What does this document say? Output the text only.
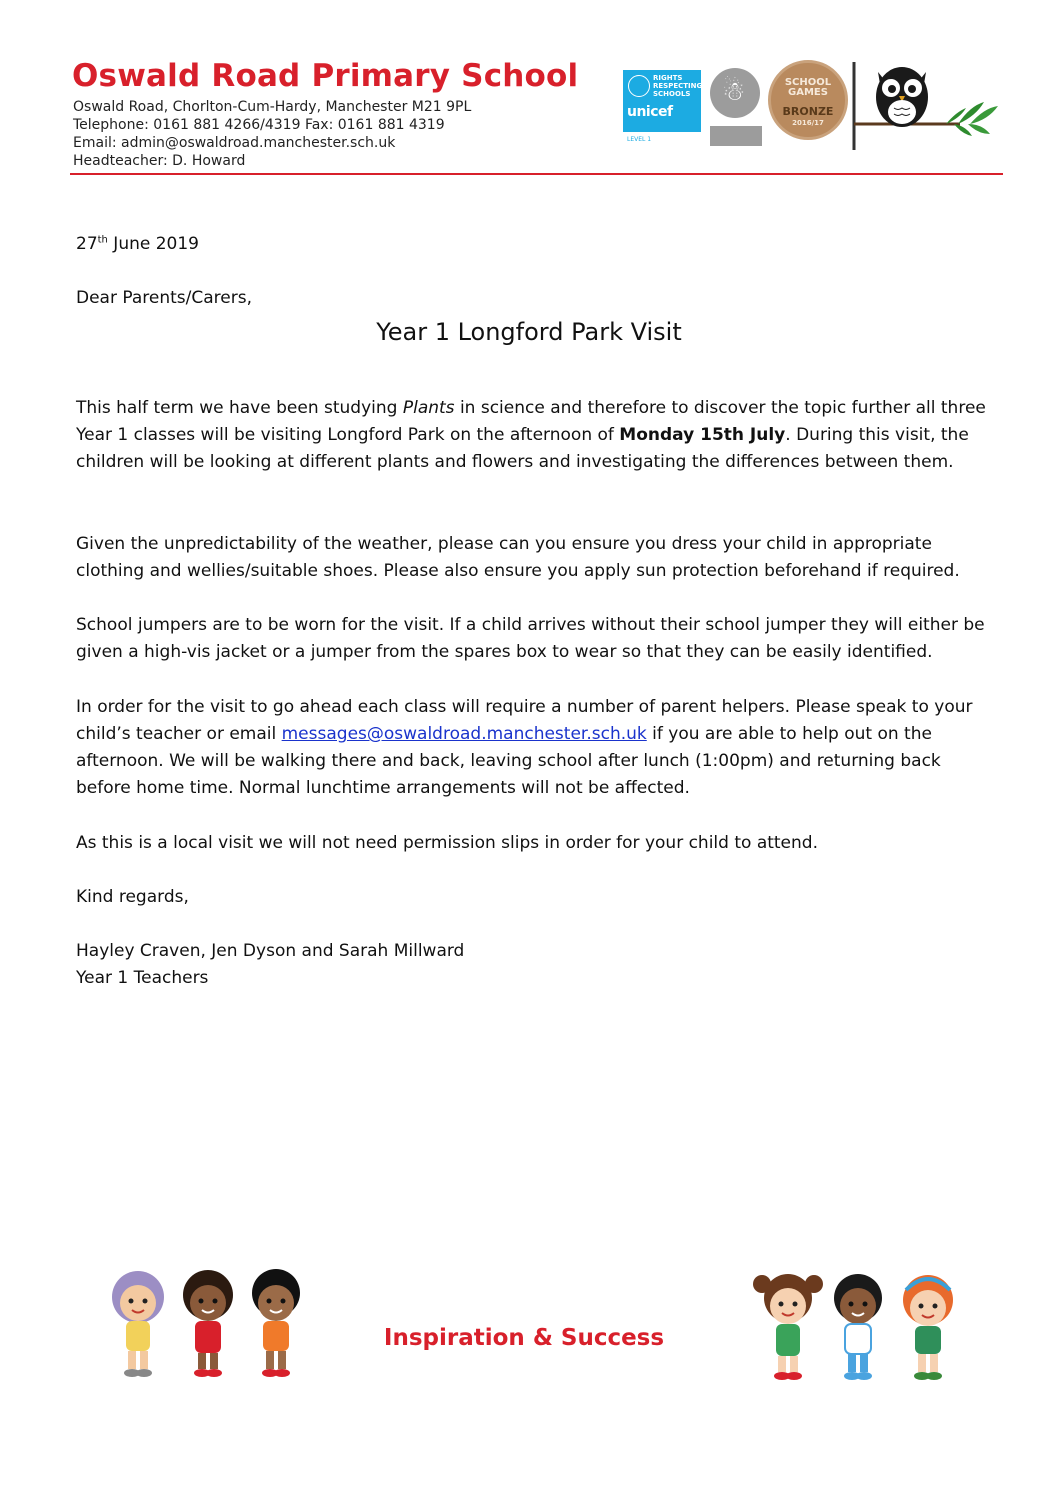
Oswald Road Primary School
Oswald Road, Chorlton-Cum-Hardy, Manchester M21 9PL
Telephone: 0161 881 4266/4319 Fax: 0161 881 4319
Email: admin@oswaldroad.manchester.sch.uk
Headteacher: D. Howard
RIGHTS RESPECTING SCHOOLS
unicef
LEVEL 1
☃	SCHOOL GAMES
BRONZE
2016/17
27th June 2019
Dear Parents/Carers,
Year 1 Longford Park Visit
This half term we have been studying Plants in science and therefore to discover the topic further all three Year 1 classes will be visiting Longford Park on the afternoon of Monday 15th July. During this visit, the children will be looking at different plants and flowers and investigating the differences between them.
Given the unpredictability of the weather, please can you ensure you dress your child in appropriate clothing and wellies/suitable shoes. Please also ensure you apply sun protection beforehand if required.
School jumpers are to be worn for the visit. If a child arrives without their school jumper they will either be given a high-vis jacket or a jumper from the spares box to wear so that they can be easily identified.
In order for the visit to go ahead each class will require a number of parent helpers. Please speak to your child’s teacher or email messages@oswaldroad.manchester.sch.uk if you are able to help out on the afternoon. We will be walking there and back, leaving school after lunch (1:00pm) and returning back before home time. Normal lunchtime arrangements will not be affected.
As this is a local visit we will not need permission slips in order for your child to attend.
Kind regards,
Hayley Craven, Jen Dyson and Sarah Millward
Year 1 Teachers
Inspiration & Success
